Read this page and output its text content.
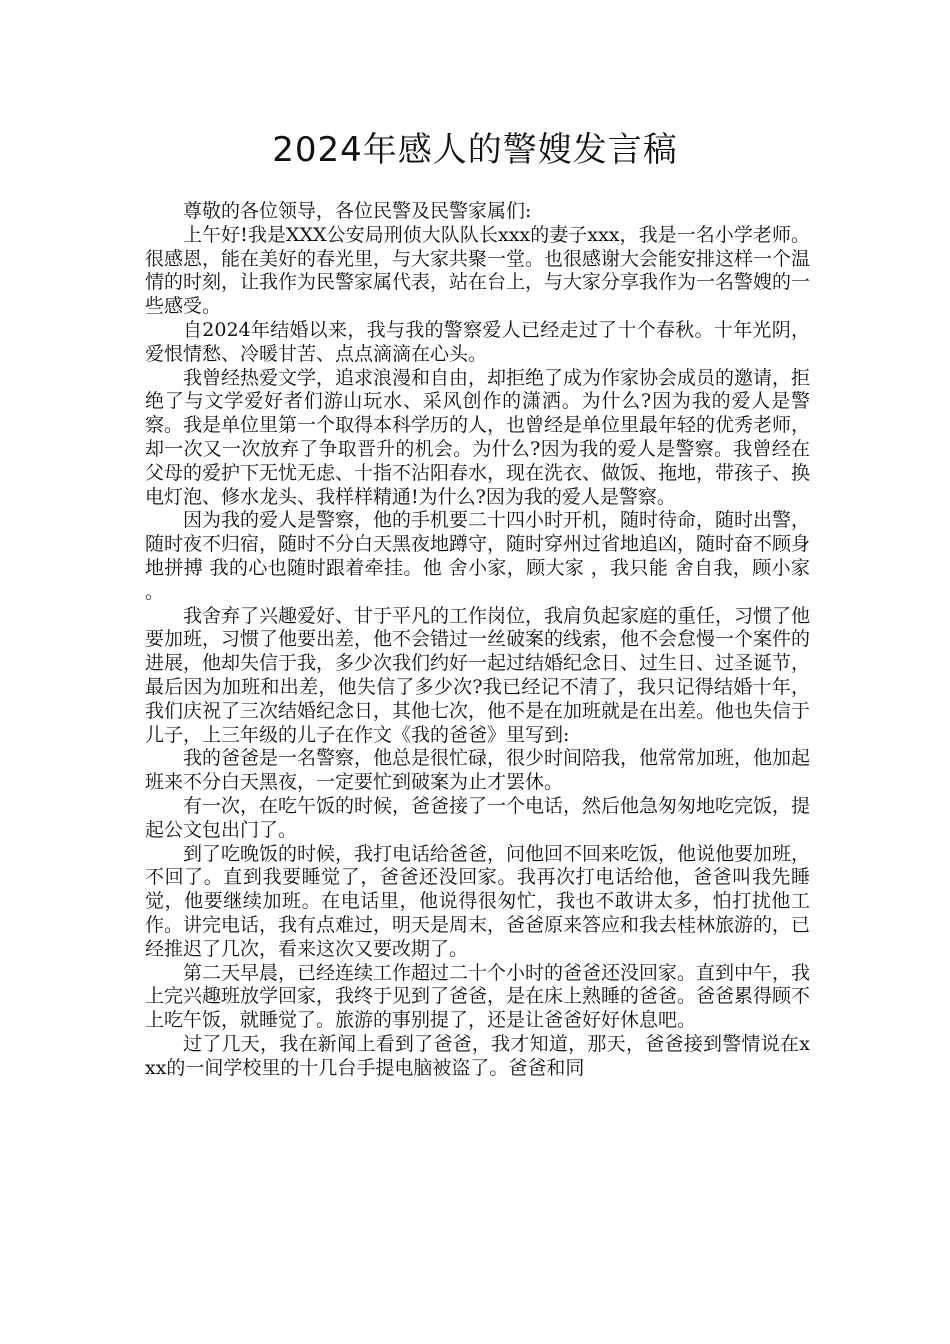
2024年感人的警嫂发言稿

尊敬的各位领导，各位民警及民警家属们:

上午好!我是XXX公安局刑侦大队队长xxx的妻子xxx，我是一名小学老师。很感恩，能在美好的春光里，与大家共聚一堂。也很感谢大会能安排这样一个温情的时刻，让我作为民警家属代表，站在台上，与大家分享我作为一名警嫂的一些感受。

自2024年结婚以来，我与我的警察爱人已经走过了十个春秋。十年光阴，爱恨情愁、冷暖甘苦、点点滴滴在心头。

我曾经热爱文学，追求浪漫和自由，却拒绝了成为作家协会成员的邀请，拒绝了与文学爱好者们游山玩水、采风创作的潇洒。为什么?因为我的爱人是警察。我是单位里第一个取得本科学历的人，也曾经是单位里最年轻的优秀老师，却一次又一次放弃了争取晋升的机会。为什么?因为我的爱人是警察。我曾经在父母的爱护下无忧无虑、十指不沾阳春水，现在洗衣、做饭、拖地，带孩子、换电灯泡、修水龙头、我样样精通!为什么?因为我的爱人是警察。

因为我的爱人是警察，他的手机要二十四小时开机，随时待命，随时出警，随时夜不归宿，随时不分白天黑夜地蹲守，随时穿州过省地追凶，随时奋不顾身地拼搏 我的心也随时跟着牵挂。他 舍小家，顾大家 ，我只能 舍自我，顾小家 。

我舍弃了兴趣爱好、甘于平凡的工作岗位，我肩负起家庭的重任，习惯了他要加班，习惯了他要出差，他不会错过一丝破案的线索，他不会怠慢一个案件的进展，他却失信于我，多少次我们约好一起过结婚纪念日、过生日、过圣诞节，最后因为加班和出差，他失信了多少次?我已经记不清了，我只记得结婚十年，我们庆祝了三次结婚纪念日，其他七次，他不是在加班就是在出差。他也失信于儿子，上三年级的儿子在作文《我的爸爸》里写到:

我的爸爸是一名警察，他总是很忙碌，很少时间陪我，他常常加班，他加起班来不分白天黑夜，一定要忙到破案为止才罢休。

有一次，在吃午饭的时候，爸爸接了一个电话，然后他急匆匆地吃完饭，提起公文包出门了。

到了吃晚饭的时候，我打电话给爸爸，问他回不回来吃饭，他说他要加班，不回了。直到我要睡觉了，爸爸还没回家。我再次打电话给他，爸爸叫我先睡觉，他要继续加班。在电话里，他说得很匆忙，我也不敢讲太多，怕打扰他工作。讲完电话，我有点难过，明天是周末，爸爸原来答应和我去桂林旅游的，已经推迟了几次，看来这次又要改期了。

第二天早晨，已经连续工作超过二十个小时的爸爸还没回家。直到中午，我上完兴趣班放学回家，我终于见到了爸爸，是在床上熟睡的爸爸。爸爸累得顾不上吃午饭，就睡觉了。旅游的事别提了，还是让爸爸好好休息吧。

过了几天，我在新闻上看到了爸爸，我才知道，那天，爸爸接到警情说在xxx的一间学校里的十几台手提电脑被盗了。爸爸和同
